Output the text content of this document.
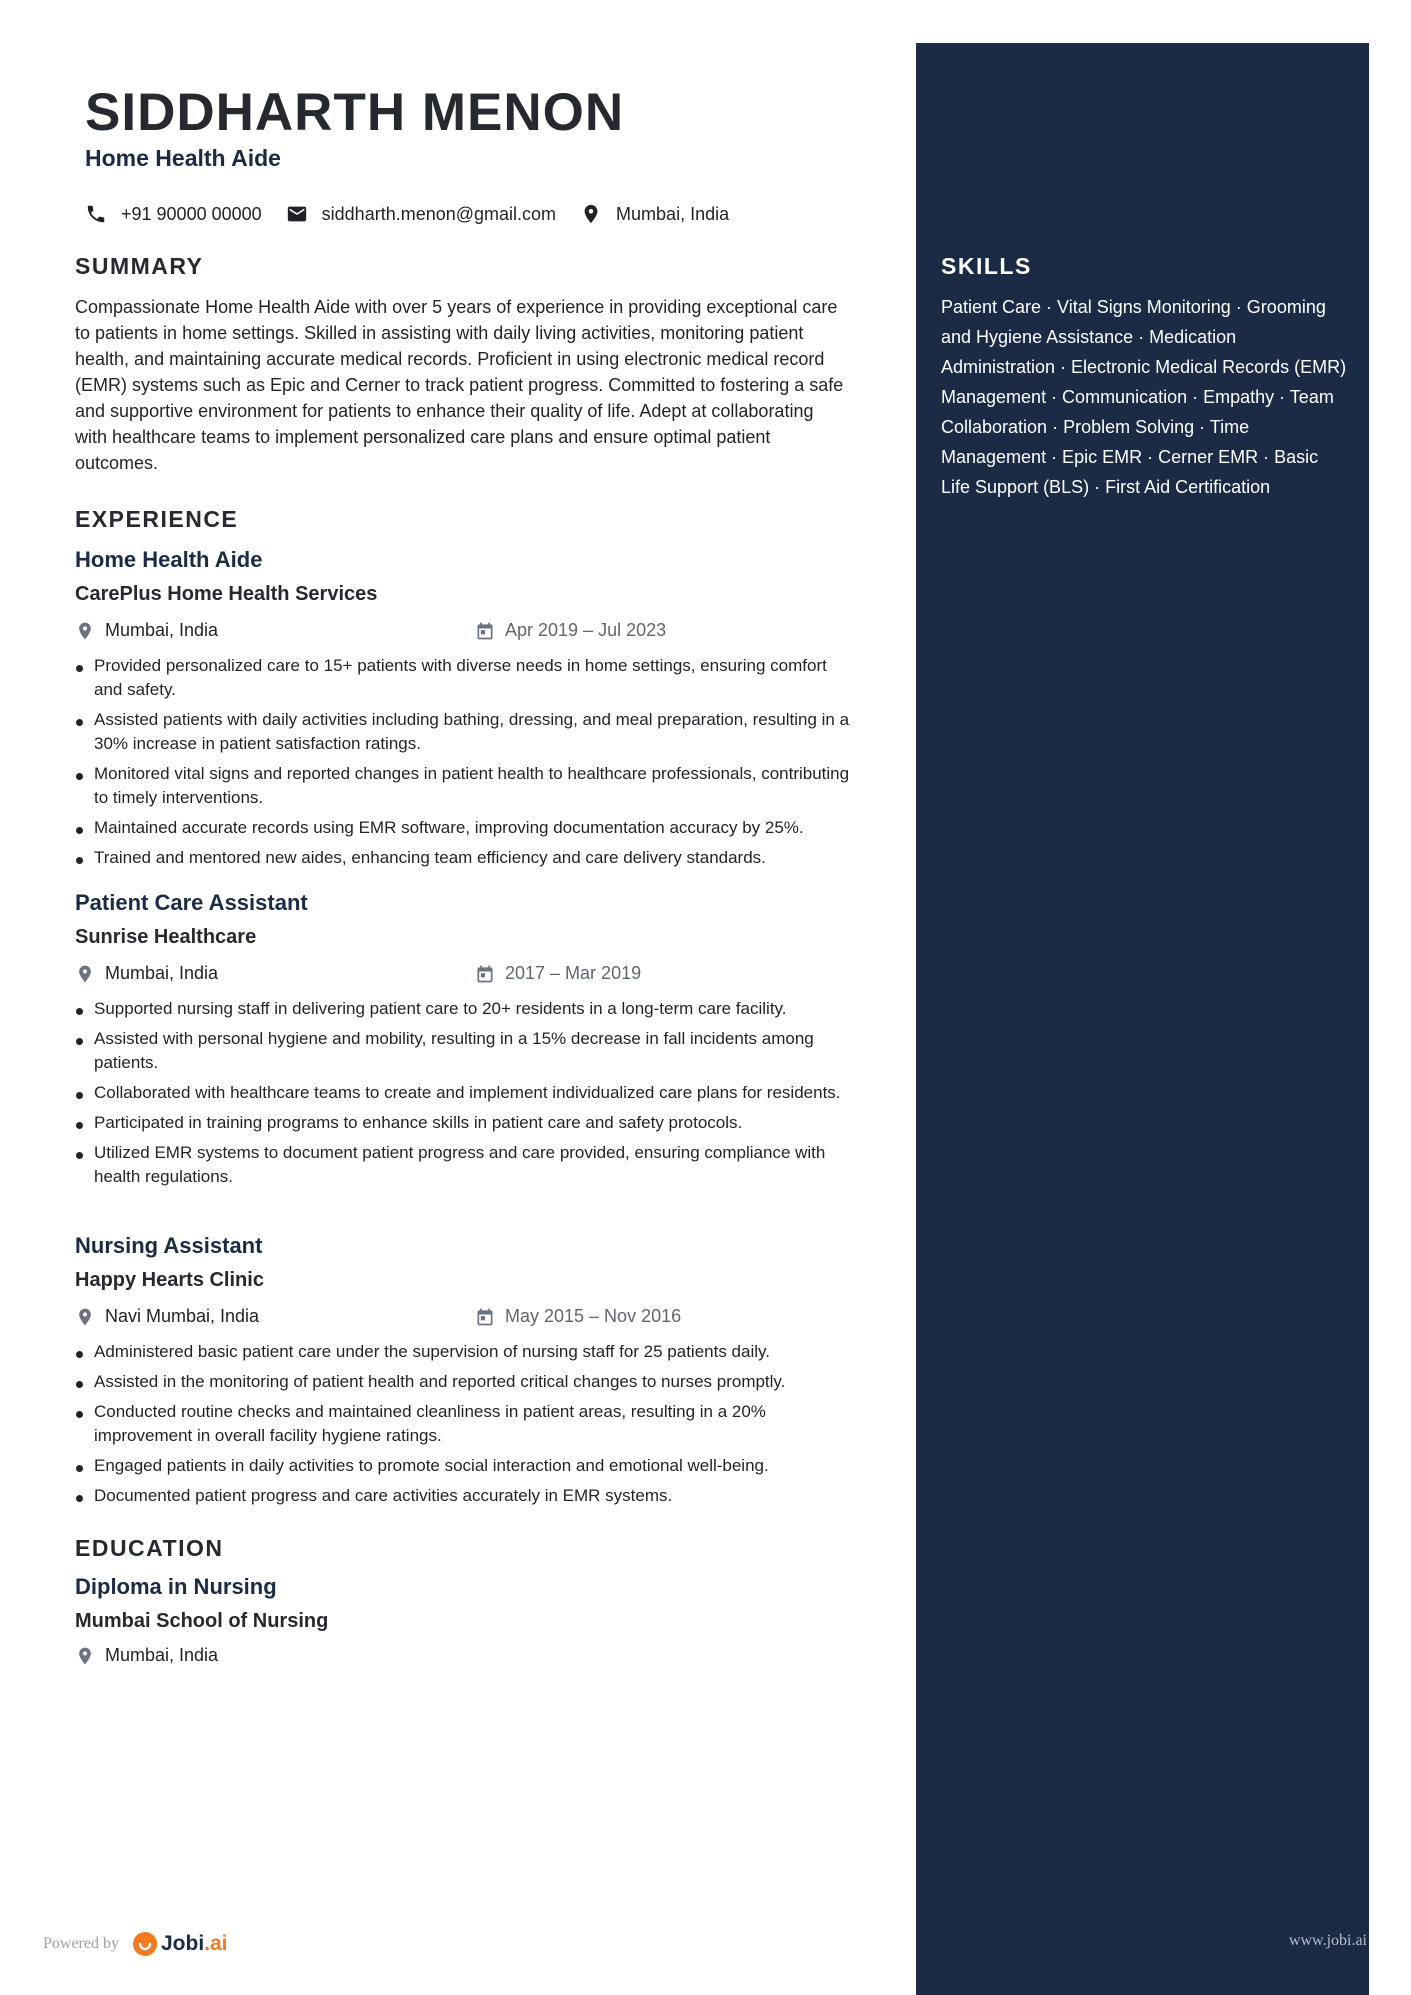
SIDDHARTH MENON
Home Health Aide
+91 90000 00000	siddharth.menon@gmail.com	Mumbai, India
SUMMARY

Compassionate Home Health Aide with over 5 years of experience in providing exceptional care to patients in home settings. Skilled in assisting with daily living activities, monitoring patient health, and maintaining accurate medical records. Proficient in using electronic medical record (EMR) systems such as Epic and Cerner to track patient progress. Committed to fostering a safe and supportive environment for patients to enhance their quality of life. Adept at collaborating with healthcare teams to implement personalized care plans and ensure optimal patient outcomes.

EXPERIENCE
Home Health Aide
CarePlus Home Health Services
Mumbai, India	Apr 2019 – Jul 2023
Provided personalized care to 15+ patients with diverse needs in home settings, ensuring comfort and safety.
Assisted patients with daily activities including bathing, dressing, and meal preparation, resulting in a 30% increase in patient satisfaction ratings.
Monitored vital signs and reported changes in patient health to healthcare professionals, contributing to timely interventions.
Maintained accurate records using EMR software, improving documentation accuracy by 25%.
Trained and mentored new aides, enhancing team efficiency and care delivery standards.
Patient Care Assistant
Sunrise Healthcare
Mumbai, India	2017 – Mar 2019
Supported nursing staff in delivering patient care to 20+ residents in a long-term care facility.
Assisted with personal hygiene and mobility, resulting in a 15% decrease in fall incidents among patients.
Collaborated with healthcare teams to create and implement individualized care plans for residents.
Participated in training programs to enhance skills in patient care and safety protocols.
Utilized EMR systems to document patient progress and care provided, ensuring compliance with health regulations.
Nursing Assistant
Happy Hearts Clinic
Navi Mumbai, India	May 2015 – Nov 2016
Administered basic patient care under the supervision of nursing staff for 25 patients daily.
Assisted in the monitoring of patient health and reported critical changes to nurses promptly.
Conducted routine checks and maintained cleanliness in patient areas, resulting in a 20% improvement in overall facility hygiene ratings.
Engaged patients in daily activities to promote social interaction and emotional well-being.
Documented patient progress and care activities accurately in EMR systems.
EDUCATION
Diploma in Nursing
Mumbai School of Nursing
Mumbai, India
SKILLS

Patient Care · Vital Signs Monitoring · Grooming and Hygiene Assistance · Medication Administration · Electronic Medical Records (EMR) Management · Communication · Empathy · Team Collaboration · Problem Solving · Time Management · Epic EMR · Cerner EMR · Basic Life Support (BLS) · First Aid Certification

Powered by Jobi.ai	www.jobi.ai
